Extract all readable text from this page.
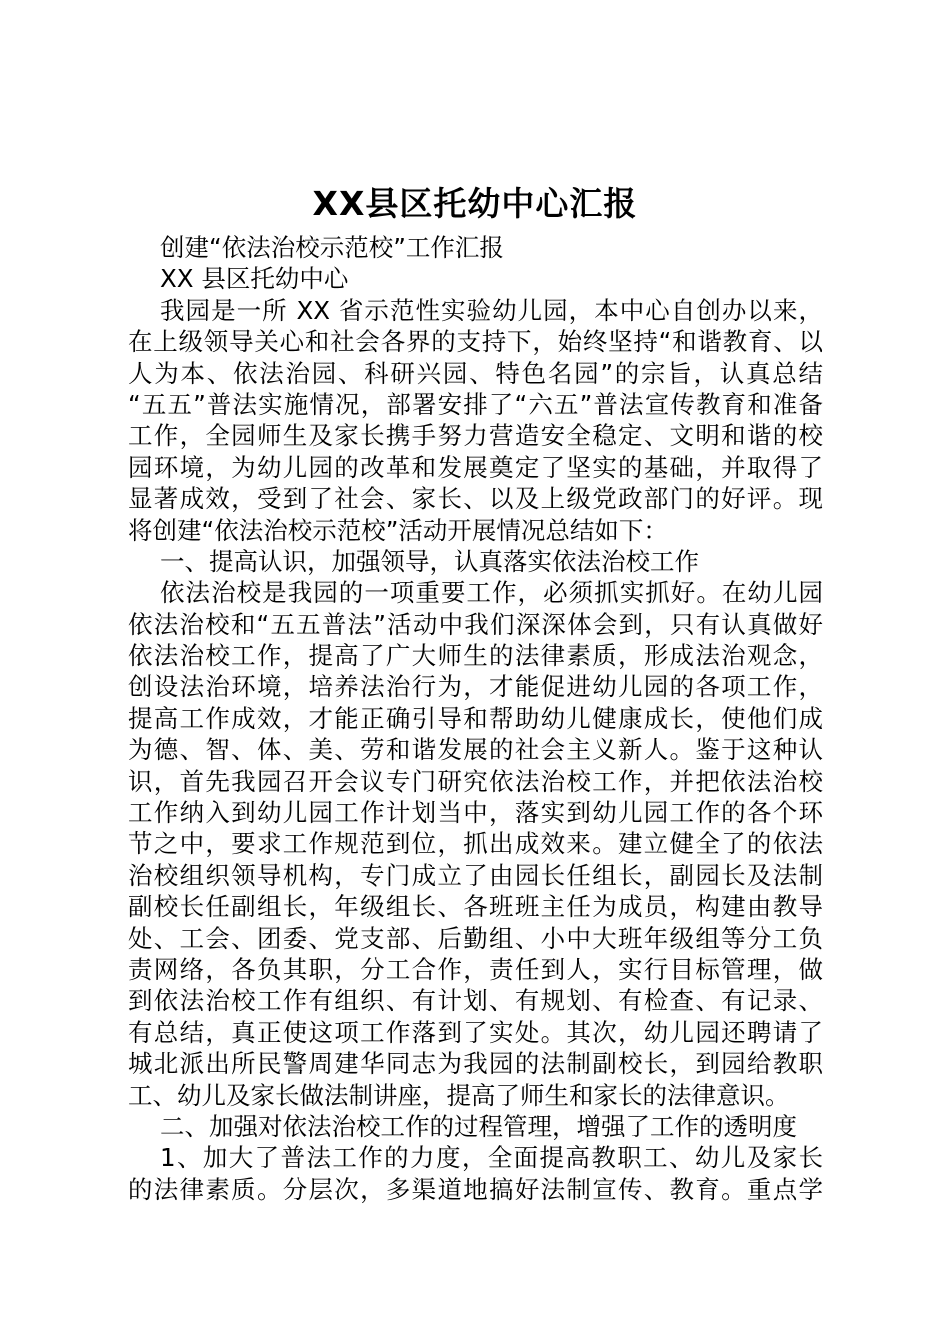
XX县区托幼中心汇报
创建“依法治校示范校”工作汇报
XX 县区托幼中心
我园是一所 XX 省示范性实验幼儿园，本中心自创办以来，
在上级领导关心和社会各界的支持下，始终坚持“和谐教育、以
人为本、依法治园、科研兴园、特色名园”的宗旨，认真总结
“五五”普法实施情况，部署安排了“六五”普法宣传教育和准备
工作，全园师生及家长携手努力营造安全稳定、文明和谐的校
园环境，为幼儿园的改革和发展奠定了坚实的基础，并取得了
显著成效，受到了社会、家长、以及上级党政部门的好评。现
将创建“依法治校示范校”活动开展情况总结如下：
一、提高认识，加强领导，认真落实依法治校工作
依法治校是我园的一项重要工作，必须抓实抓好。在幼儿园
依法治校和“五五普法”活动中我们深深体会到，只有认真做好
依法治校工作，提高了广大师生的法律素质，形成法治观念，
创设法治环境，培养法治行为，才能促进幼儿园的各项工作，
提高工作成效，才能正确引导和帮助幼儿健康成长，使他们成
为德、智、体、美、劳和谐发展的社会主义新人。鉴于这种认
识，首先我园召开会议专门研究依法治校工作，并把依法治校
工作纳入到幼儿园工作计划当中，落实到幼儿园工作的各个环
节之中，要求工作规范到位，抓出成效来。建立健全了的依法
治校组织领导机构，专门成立了由园长任组长，副园长及法制
副校长任副组长，年级组长、各班班主任为成员，构建由教导
处、工会、团委、党支部、后勤组、小中大班年级组等分工负
责网络，各负其职，分工合作，责任到人，实行目标管理，做
到依法治校工作有组织、有计划、有规划、有检查、有记录、
有总结，真正使这项工作落到了实处。其次，幼儿园还聘请了
城北派出所民警周建华同志为我园的法制副校长，到园给教职
工、幼儿及家长做法制讲座，提高了师生和家长的法律意识。
二、加强对依法治校工作的过程管理，增强了工作的透明度
1、加大了普法工作的力度，全面提高教职工、幼儿及家长
的法律素质。分层次，多渠道地搞好法制宣传、教育。重点学
